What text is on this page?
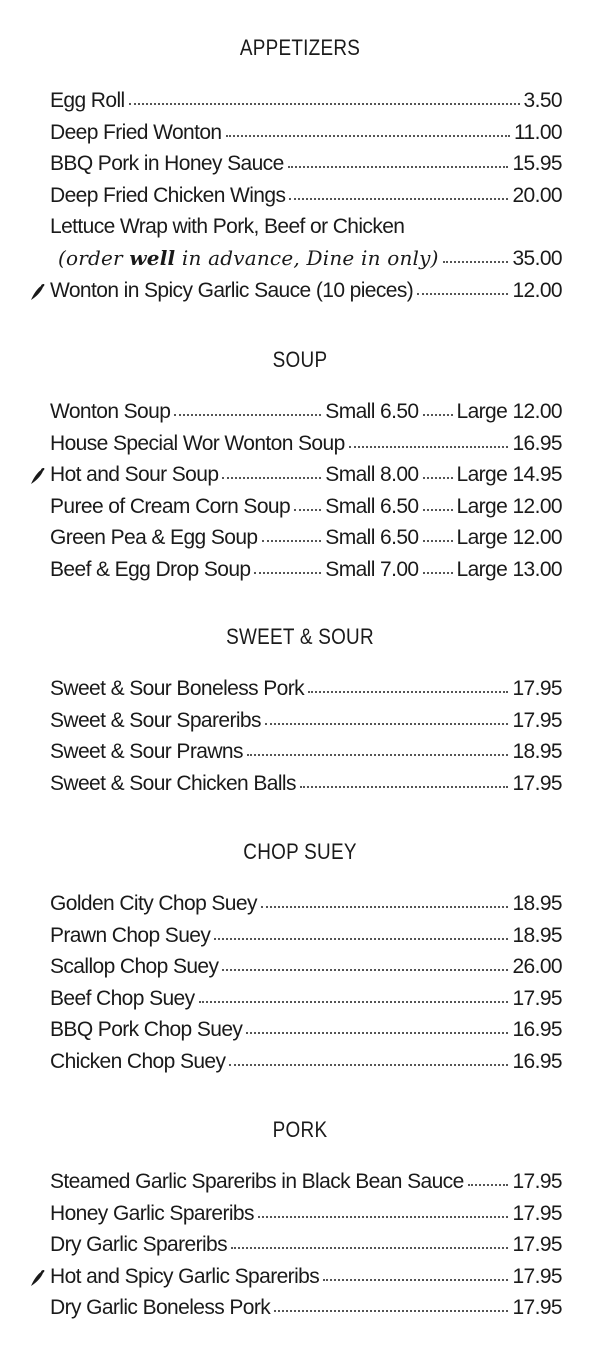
APPETIZERS
Egg Roll	3.50
Deep Fried Wonton	11.00
BBQ Pork in Honey Sauce	15.95
Deep Fried Chicken Wings	20.00
Lettuce Wrap with Pork, Beef or Chicken
(order well in advance, Dine in only)	35.00
Wonton in Spicy Garlic Sauce (10 pieces)	12.00
SOUP
Wonton Soup	Small 6.50 Large 12.00
House Special Wor Wonton Soup	16.95
Hot and Sour Soup	Small 8.00 Large 14.95
Puree of Cream Corn Soup Small 6.50 Large 12.00
Green Pea & Egg Soup	Small 6.50 Large 12.00
Beef & Egg Drop Soup	Small 7.00 Large 13.00
SWEET & SOUR
Sweet & Sour Boneless Pork	17.95
Sweet & Sour Spareribs	17.95
Sweet & Sour Prawns	18.95
Sweet & Sour Chicken Balls	17.95
CHOP SUEY
Golden City Chop Suey	18.95
Prawn Chop Suey	18.95
Scallop Chop Suey	26.00
Beef Chop Suey	17.95
BBQ Pork Chop Suey	16.95
Chicken Chop Suey	16.95
PORK
Steamed Garlic Spareribs in Black Bean Sauce 17.95
Honey Garlic Spareribs	17.95
Dry Garlic Spareribs	17.95
Hot and Spicy Garlic Spareribs	17.95
Dry Garlic Boneless Pork	17.95
